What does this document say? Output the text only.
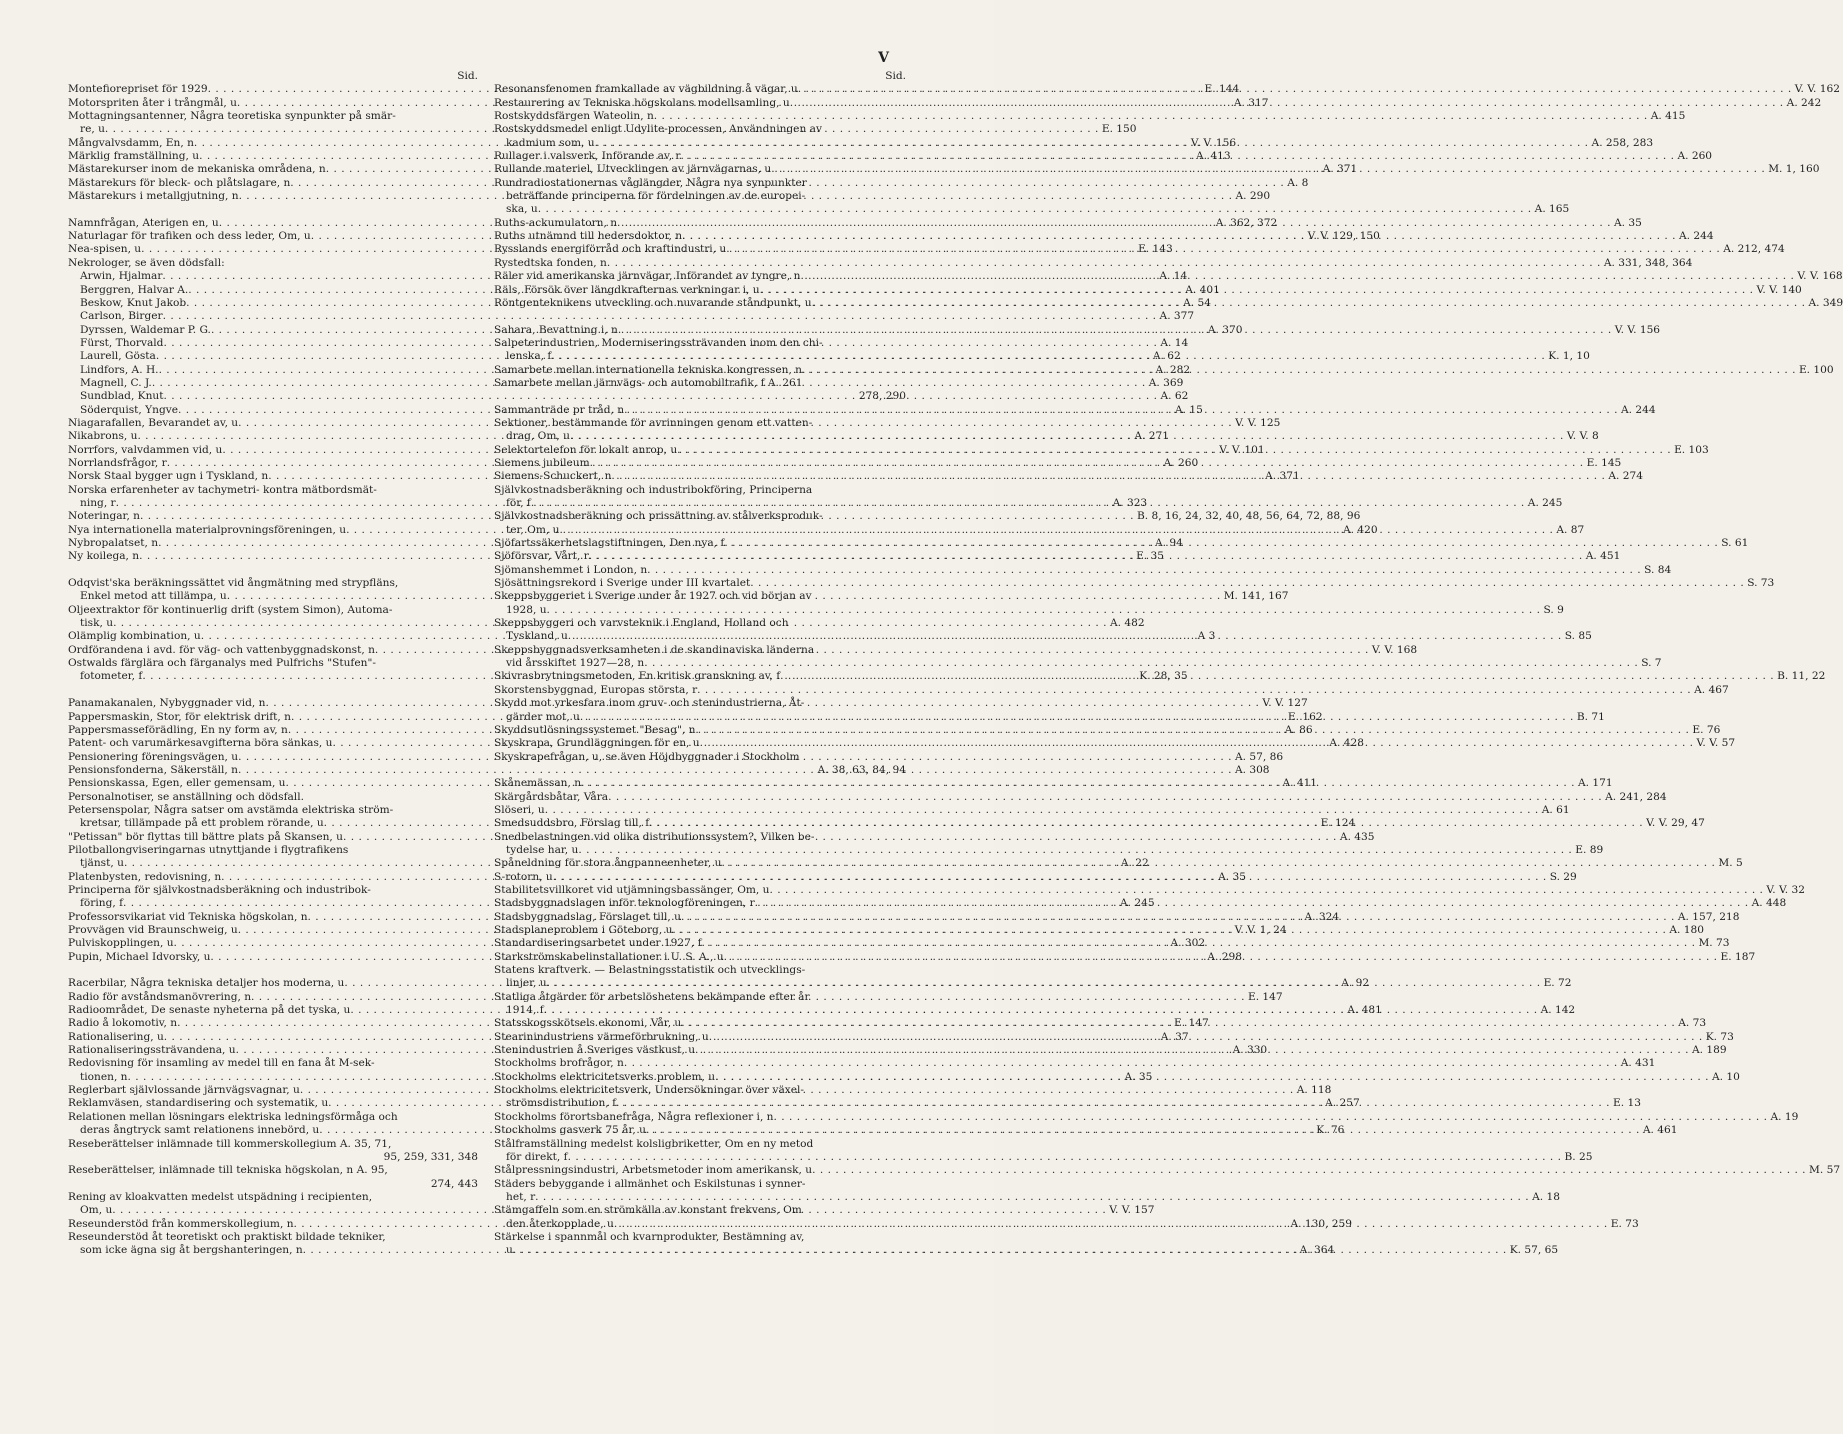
V
Sid.
Montefiorepriset för 1929 . . .	E. 144
Motorspriten åter i trångmål, u . . .	A. 317
Mottagningsantenner, Några teoretiska synpunkter på smär-
re, u . . .	E. 150
Mångvalvsdamm, En, n . . .	V. V. 156
Märklig framställning, u . . .	A. 413
Mästarekurser inom de mekaniska områdena, n . . .	A. 371
Mästarekurs för bleck- och plåtslagare, n . . .	A. 8
Mästarekurs i metallgjutning, n . . .	A. 290
Namnfrågan, Aterigen en, u . . .	A. 362, 372
Naturlagar för trafiken och dess leder, Om, u . . .	V. V. 129, 150
Nea-spisen, u . . .	E. 143
Nekrologer, se även dödsfall:
Arwin, Hjalmar . . .	A. 14
Berggren, Halvar A. . . .	A. 401
Beskow, Knut Jakob . . .	A. 54
Carlson, Birger . . .	A. 377
Dyrssen, Waldemar P. G. . . .	A. 370
Fürst, Thorvald . . .	A. 14
Laurell, Gösta . . .	A. 62
Lindfors, A. H. . . .	A. 282
Magnell, C. J. . . .	A. 369
Sundblad, Knut . . .	A. 62
Söderquist, Yngve . . .	A. 15
Niagarafallen, Bevarandet av, u . . .	V. V. 125
Nikabrons, u . . .	A. 271
Norrfors, valvdammen vid, u . . .	V. V. 101
Norrlandsfrågor, r . . .	A. 260
Norsk Staal bygger ugn i Tyskland, n . . .	A. 371
Norska erfarenheter av tachymetri- kontra mätbordsmät-
ning, r . . .	A. 323
Noteringar, n . . .	B. 8, 16, 24, 32, 40, 48, 56, 64, 72, 88, 96
Nya internationella materialprovningsföreningen, u . . .	A. 420
Nybropalatset, n . . .	A. 94
Ny koilega, n . . .	E. 35
Odqvist'ska beräkningssättet vid ångmätning med strypfläns,
Enkel metod att tillämpa, u . . .	M. 141, 167
Oljeextraktor för kontinuerlig drift (system Simon), Automa-
tisk, u . . .	A. 482
Olämplig kombination, u . . .	A 3
Ordförandena i avd. för väg- och vattenbyggnadskonst, n . . .	V. V. 168
Ostwalds färglära och färganalys med Pulfrichs "Stufen"-
fotometer, f . . .	K. 28, 35
Panamakanalen, Nybyggnader vid, n . . .	V. V. 127
Pappersmaskin, Stor, för elektrisk drift, n . . .	E. 162
Pappersmasseförädling, En ny form av, n . . .	A. 86
Patent- och varumärkesavgifterna böra sänkas, u . . .	A. 428
Pensionering föreningsvägen, u . . .	A. 57, 86
Pensionsfonderna, Säkerställ, n . . .	A. 308
Pensionskassa, Egen, eller gemensam, u . . .	A. 411
Personalnotiser, se anställning och dödsfall.
Petersenspolar, Några satser om avstämda elektriska ström-
kretsar, tillämpade på ett problem rörande, u . . .	E. 124
"Petissan" bör flyttas till bättre plats på Skansen, u . . .	A. 435
Pilotballongviseringarnas utnyttjande i flygtrafikens
tjänst, u . . .	A. 22
Platenbysten, redovisning, n . . .	A. 35
Principerna för självkostnadsberäkning och industribok-
föring, f . . .	A. 245
Professorsvikariat vid Tekniska högskolan, n . . .	A. 324
Provvägen vid Braunschweig, u . . .	V. V. 1, 24
Pulviskopplingen, u . . .	A. 302
Pupin, Michael Idvorsky, u . . .	A. 298
Racerbilar, Några tekniska detaljer hos moderna, u . . .	A. 92
Radio för avståndsmanövrering, n . . .	E. 147
Radioområdet, De senaste nyheterna på det tyska, u . . .	A. 481
Radio å lokomotiv, n . . .	E. 147
Rationalisering, u . . .	A. 37
Rationaliseringssträvandena, u . . .	A. 330
Redovisning för insamling av medel till en fana åt M-sek-
tionen, n . . .	A. 35
Reglerbart självlossande järnvägsvagnar, u . . .	A. 118
Reklamväsen, standardisering och systematik, u . . .	A. 257
Relationen mellan lösningars elektriska ledningsförmåga och
deras ångtryck samt relationens innebörd, u . . .	K. 76
Reseberättelser inlämnade till kommerskollegium A. 35, 71,
95, 259, 331, 348
Reseberättelser, inlämnade till tekniska högskolan, n A. 95,
274, 443
Rening av kloakvatten medelst utspädning i recipienten,
Om, u . . .	V. V. 157
Reseunderstöd från kommerskollegium, n . . .	A. 130, 259
Reseunderstöd åt teoretiskt och praktiskt bildade tekniker,
som icke ägna sig åt bergshanteringen, n . . .	A. 364
Sid.
Resonansfenomen framkallade av vägbildning å vägar, u . . .	V. V. 162
Restaurering av Tekniska högskolans modellsamling, u . . .	A. 242
Rostskyddsfärgen Wateolin, n . . .	A. 415
Rostskyddsmedel enligt Udylite-processen, Användningen av
kadmium som, u . . .	A. 258, 283
Rullager i valsverk, Införande av, r . . .	A. 260
Rullande materiel, Utvecklingen av järnvägarnas, u . . .	M. 1, 160
Rundradiostationernas våglängder, Några nya synpunkter
beträffande principerna för fördelningen av de europei-
ska, u . . .	A. 165
Ruths-ackumulatorn, n . . .	A. 35
Ruths utnämnd till hedersdoktor, n . . .	A. 244
Rysslands energiförråd och kraftindustri, u . . .	A. 212, 474
Rystedtska fonden, n . . .	A. 331, 348, 364
Räler vid amerikanska järnvägar, Införandet av tyngre, n . . .	V. V. 168
Räls, Försök över längdkrafternas verkningar i, u . . .	V. V. 140
Röntgenteknikens utveckling och nuvarande ståndpunkt, u . . .	A. 349
Sahara, Bevattning i, n . . .	V. V. 156
Salpeterindustrien, Moderniseringssträvanden inom den chi-
lenska, f . . .	K. 1, 10
Samarbete mellan internationella tekniska kongressen, n . . .	E. 100
Samarbete mellan järnvägs- och automobiltrafik, f A. 261
278, 290
Sammanträde pr tråd, n . . .	A. 244
Sektioner, bestämmande för avrinningen genom ett vatten-
drag, Om, u . . .	V. V. 8
Selektortelefon för lokalt anrop, u . . .	E. 103
Siemens jubileum . . .	E. 145
Siemens-Schuckert, n . . .	A. 274
Självkostnadsberäkning och industribokföring, Principerna
för, f . . .	A. 245
Självkostnadsberäkning och prissättning av stålverksproduk-
ter, Om, u . . .	A. 87
Sjöfartssäkerhetslagstiftningen, Den nya, f . . .	S. 61
Sjöförsvar, Vårt, r . . .	A. 451
Sjömanshemmet i London, n . . .	S. 84
Sjösättningsrekord i Sverige under III kvartalet . . .	S. 73
Skeppsbyggeriet i Sverige under år 1927 och vid början av
1928, u . . .	S. 9
Skeppsbyggeri och varvsteknik i England, Holland och
Tyskland, u . . .	S. 85
Skeppsbyggnadsverksamheten i de skandinaviska länderna
vid årsskiftet 1927—28, n . . .	S. 7
Skivrasbrytningsmetoden, En kritisk granskning av, f . . .	B. 11, 22
Skorstensbyggnad, Europas största, r . . .	A. 467
Skydd mot yrkesfara inom gruv- och stenindustrierna, Åt-
gärder mot, u . . .	B. 71
Skyddsutlösningssystemet "Besag", n . . .	E. 76
Skyskrapa, Grundläggningen för en, u . . .	V. V. 57
Skyskrapefrågan, u, se även Höjdbyggnader i Stockholm
A. 38, 63, 84, 94
Skånemässan, n . . .	A. 171
Skärgårdsbåtar, Våra . . .	A. 241, 284
Slöseri, u . . .	A. 61
Smedsuddsbro, Förslag till, f . . .	V. V. 29, 47
Snedbelastningen vid olika distributionssystem?, Vilken be-
tydelse har, u . . .	E. 89
Spåneldning för stora ångpanneenheter, u . . .	M. 5
S-rotorn, u . . .	S. 29
Stabilitetsvillkoret vid utjämningsbassänger, Om, u . . .	V. V. 32
Stadsbyggnadslagen inför teknologföreningen, r . . .	A. 448
Stadsbyggnadslag, Förslaget till, u . . .	A. 157, 218
Stadsplaneproblem i Göteborg, u . . .	A. 180
Standardiseringsarbetet under 1927, f . . .	M. 73
Starkströmskabelinstallationer i U. S. A., u . . .	E. 187
Statens kraftverk. — Belastningsstatistik och utvecklings-
linjer, u . . .	E. 72
Statliga åtgärder för arbetslöshetens bekämpande efter år
1914, f . . .	A. 142
Statsskogsskötsels ekonomi, Vår, u . . .	A. 73
Stearinindustriens värmeförbrukning, u . . .	K. 73
Stenindustrien å Sveriges västkust, u . . .	A. 189
Stockholms brofrågor, n . . .	A. 431
Stockholms elektricitetsverks problem, u . . .	A. 10
Stockholms elektricitetsverk, Undersökningar över växel-
strömsdistribution, f . . .	E. 13
Stockholms förortsbanefråga, Några reflexioner i, n . . .	A. 19
Stockholms gasverk 75 år, u . . .	A. 461
Stålframställning medelst kolsligbriketter, Om en ny metod
för direkt, f . . .	B. 25
Stålpressningsindustri, Arbetsmetoder inom amerikansk, u . . .	M. 57
Städers bebyggande i allmänhet och Eskilstunas i synner-
het, r . . .	A. 18
Stämgaffeln som en strömkälla av konstant frekvens, Om
den återkopplade, u . . .	E. 73
Stärkelse i spannmål och kvarnprodukter, Bestämning av,
u . . .	K. 57, 65
